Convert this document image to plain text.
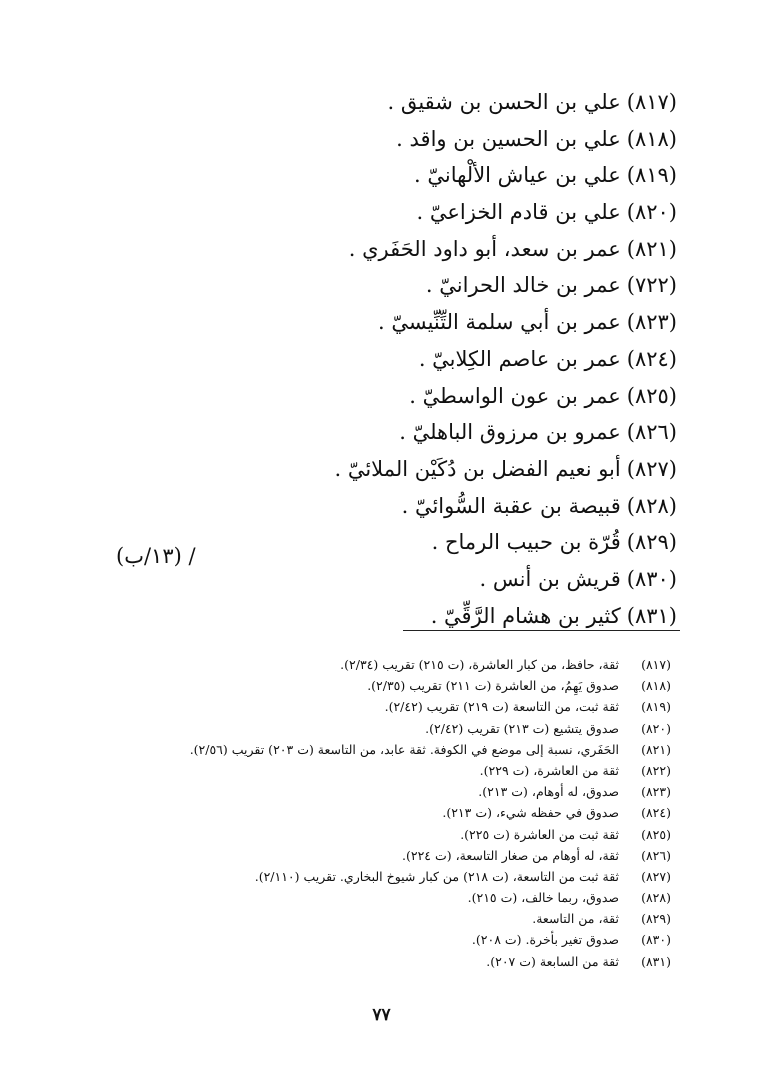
(٨١٧)
علي بن الحسن بن شقيق .
(٨١٨)
علي بن الحسين بن واقد .
(٨١٩)
علي بن عياش الألْهانيّ .
(٨٢٠)
علي بن قادم الخزاعيّ .
(٨٢١)
عمر بن سعد، أبو داود الحَفَري .
(٧٢٢)
عمر بن خالد الحرانيّ .
(٨٢٣)
عمر بن أبي سلمة التِّنِّيسيّ .
(٨٢٤)
عمر بن عاصم الكِلابيّ .
(٨٢٥)
عمر بن عون الواسطيّ .
(٨٢٦)
عمرو بن مرزوق الباهليّ .
(٨٢٧)
أبو نعيم الفضل بن دُكَيْن الملائيّ .
(٨٢٨)
قبيصة بن عقبة السُّوائيّ .
(٨٢٩)
قُرّة بن حبيب الرماح .
(٨٣٠)
قريش بن أنس .
(٨٣١)
كثير بن هشام الرَّقِّيّ .
/ (١٣/ب)
(٨١٧)
ثقة، حافظ، من كبار العاشرة، (ت ٢١٥) تقريب (٢/٣٤).
(٨١٨)
صدوق يَهِمُ، من العاشرة (ت ٢١١) تقريب (٢/٣٥).
(٨١٩)
ثقة ثبت، من التاسعة (ت ٢١٩) تقريب (٢/٤٢).
(٨٢٠)
صدوق يتشيع (ت ٢١٣) تقريب (٢/٤٢).
(٨٢١)
الحَفَري، نسبة إلى موضع في الكوفة. ثقة عابد، من التاسعة (ت ٢٠٣) تقريب (٢/٥٦).
(٨٢٢)
ثقة من العاشرة، (ت ٢٢٩).
(٨٢٣)
صدوق، له أوهام، (ت ٢١٣).
(٨٢٤)
صدوق في حفظه شيء، (ت ٢١٣).
(٨٢٥)
ثقة ثبت من العاشرة (ت ٢٢٥).
(٨٢٦)
ثقة، له أوهام من صغار التاسعة، (ت ٢٢٤).
(٨٢٧)
ثقة ثبت من التاسعة، (ت ٢١٨) من كبار شيوخ البخاري. تقريب (٢/١١٠).
(٨٢٨)
صدوق، ربما خالف، (ت ٢١٥).
(٨٢٩)
ثقة، من التاسعة.
(٨٣٠)
صدوق تغير بأخرة. (ت ٢٠٨).
(٨٣١)
ثقة من السابعة (ت ٢٠٧).
٧٧
